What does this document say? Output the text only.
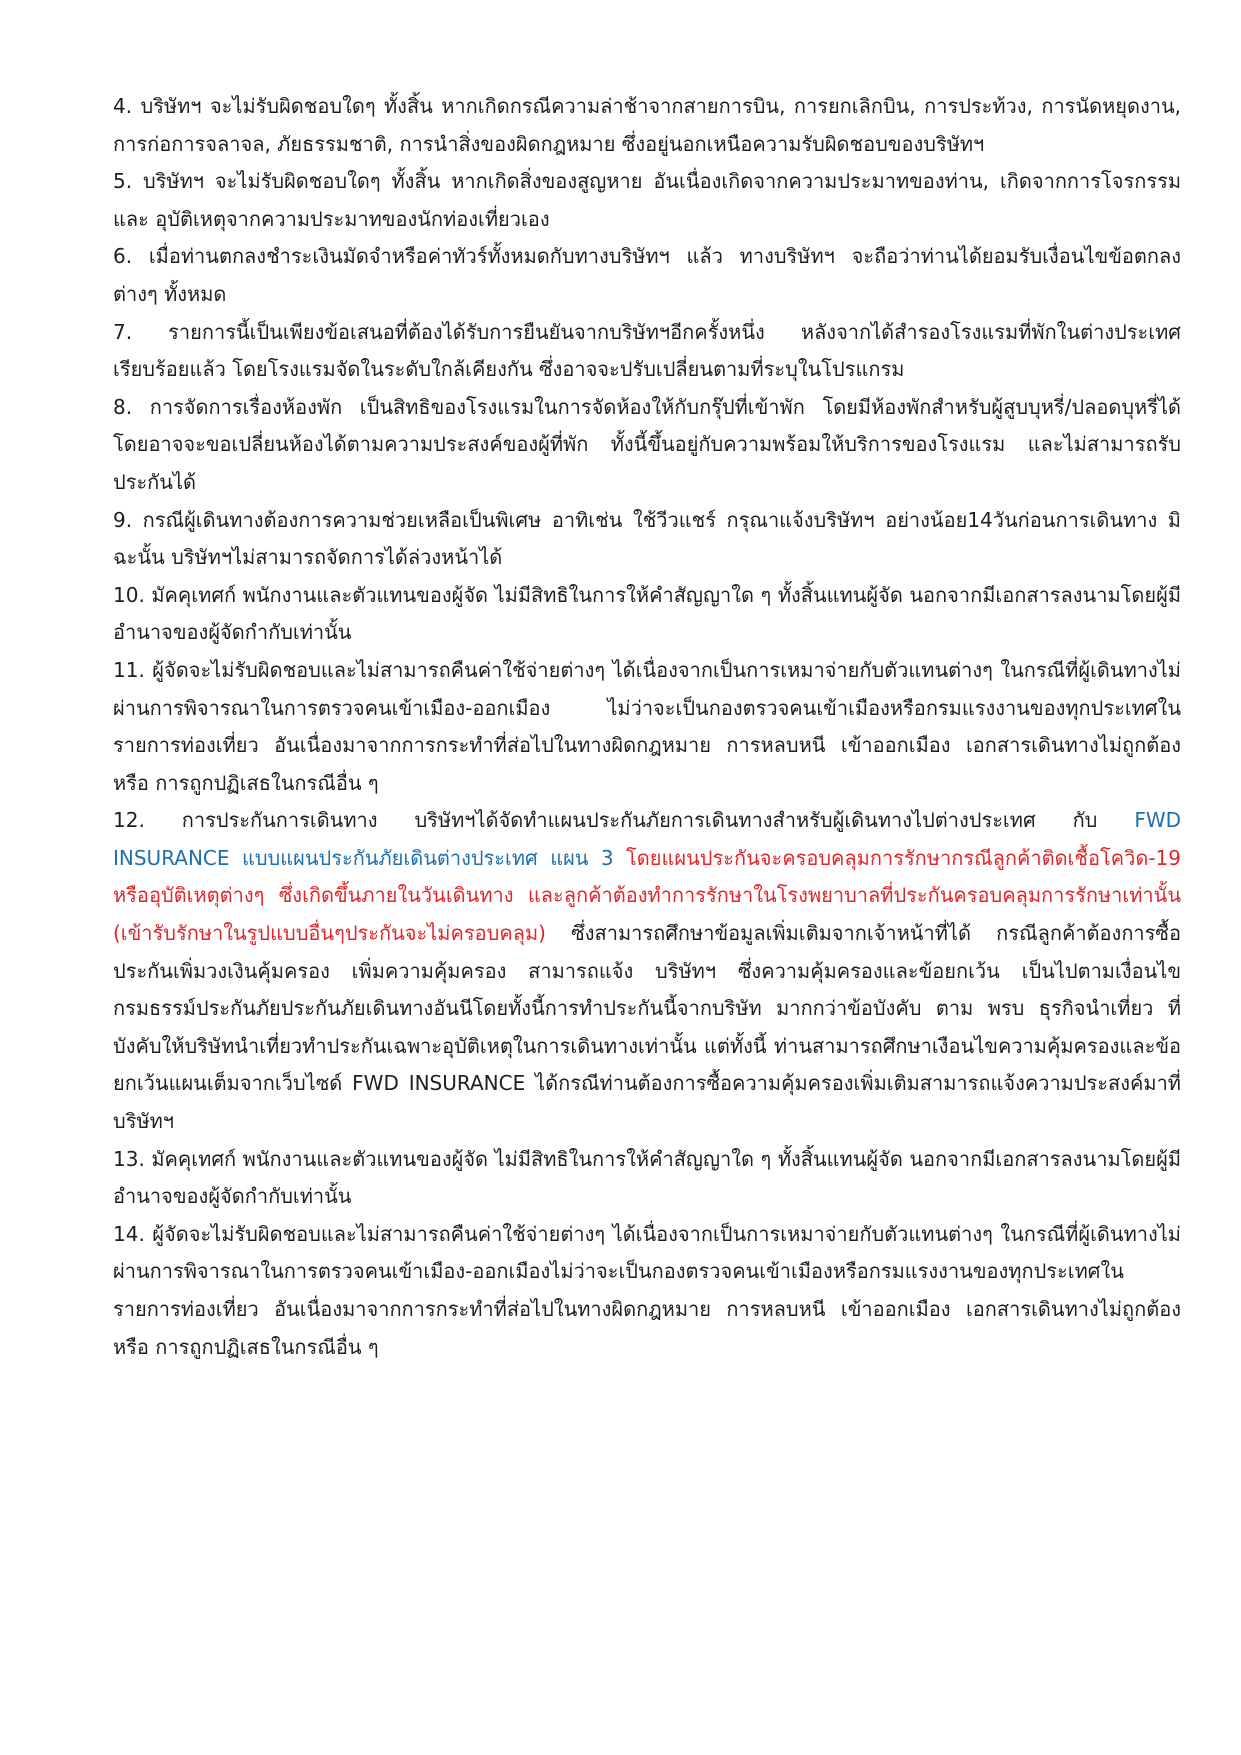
4. บริษัทฯ จะไม่รับผิดชอบใดๆ ทั้งสิ้น หากเกิดกรณีความล่าช้าจากสายการบิน, การยกเลิกบิน, การประท้วง, การนัดหยุดงาน, การก่อการจลาจล, ภัยธรรมชาติ, การนำสิ่งของผิดกฎหมาย ซึ่งอยู่นอกเหนือความรับผิดชอบของบริษัทฯ

5. บริษัทฯ จะไม่รับผิดชอบใดๆ ทั้งสิ้น หากเกิดสิ่งของสูญหาย อันเนื่องเกิดจากความประมาทของท่าน, เกิดจากการโจรกรรม และ อุบัติเหตุจากความประมาทของนักท่องเที่ยวเอง

6. เมื่อท่านตกลงชำระเงินมัดจำหรือค่าทัวร์ทั้งหมดกับทางบริษัทฯ แล้ว ทางบริษัทฯ จะถือว่าท่านได้ยอมรับเงื่อนไขข้อตกลงต่างๆ ทั้งหมด

7. รายการนี้เป็นเพียงข้อเสนอที่ต้องได้รับการยืนยันจากบริษัทฯอีกครั้งหนึ่ง หลังจากได้สำรองโรงแรมที่พักในต่างประเทศเรียบร้อยแล้ว โดยโรงแรมจัดในระดับใกล้เคียงกัน ซึ่งอาจจะปรับเปลี่ยนตามที่ระบุในโปรแกรม

8. การจัดการเรื่องห้องพัก เป็นสิทธิของโรงแรมในการจัดห้องให้กับกรุ๊ปที่เข้าพัก โดยมีห้องพักสำหรับผู้สูบบุหรี่/ปลอดบุหรี่ได้ โดยอาจจะขอเปลี่ยนห้องได้ตามความประสงค์ของผู้ที่พัก ทั้งนี้ขึ้นอยู่กับความพร้อมให้บริการของโรงแรม และไม่สามารถรับประกันได้

9. กรณีผู้เดินทางต้องการความช่วยเหลือเป็นพิเศษ อาทิเช่น ใช้วีวแชร์ กรุณาแจ้งบริษัทฯ อย่างน้อย14วันก่อนการเดินทาง มิฉะนั้น บริษัทฯไม่สามารถจัดการได้ล่วงหน้าได้

10. มัคคุเทศก์ พนักงานและตัวแทนของผู้จัด ไม่มีสิทธิในการให้คำสัญญาใด ๆ ทั้งสิ้นแทนผู้จัด นอกจากมีเอกสารลงนามโดยผู้มีอำนาจของผู้จัดกำกับเท่านั้น

11. ผู้จัดจะไม่รับผิดชอบและไม่สามารถคืนค่าใช้จ่ายต่างๆ ได้เนื่องจากเป็นการเหมาจ่ายกับตัวแทนต่างๆ ในกรณีที่ผู้เดินทางไม่ผ่านการพิจารณาในการตรวจคนเข้าเมือง-ออกเมือง ไม่ว่าจะเป็นกองตรวจคนเข้าเมืองหรือกรมแรงงานของทุกประเทศในรายการท่องเที่ยว อันเนื่องมาจากการกระทำที่ส่อไปในทางผิดกฎหมาย การหลบหนี เข้าออกเมือง เอกสารเดินทางไม่ถูกต้อง หรือ การถูกปฏิเสธในกรณีอื่น ๆ

12. การประกันการเดินทาง บริษัทฯได้จัดทำแผนประกันภัยการเดินทางสำหรับผู้เดินทางไปต่างประเทศ กับ FWD INSURANCE แบบแผนประกันภัยเดินต่างประเทศ แผน 3 โดยแผนประกันจะครอบคลุมการรักษากรณีลูกค้าติดเชื้อโควิด-19 หรืออุบัติเหตุต่างๆ ซึ่งเกิดขึ้นภายในวันเดินทาง และลูกค้าต้องทำการรักษาในโรงพยาบาลที่ประกันครอบคลุมการรักษาเท่านั้น (เข้ารับรักษาในรูปแบบอื่นๆประกันจะไม่ครอบคลุม) ซึ่งสามารถศึกษาข้อมูลเพิ่มเติมจากเจ้าหน้าที่ได้ กรณีลูกค้าต้องการซื้อประกันเพิ่มวงเงินคุ้มครอง เพิ่มความคุ้มครอง สามารถแจ้ง บริษัทฯ ซึ่งความคุ้มครองและข้อยกเว้น เป็นไปตามเงื่อนไขกรมธรรม์ประกันภัยประกันภัยเดินทางอันนีโดยทั้งนี้การทำประกันนี้จากบริษัท มากกว่าข้อบังคับ ตาม พรบ ธุรกิจนำเที่ยว ที่บังคับให้บริษัทนำเที่ยวทำประกันเฉพาะอุบัติเหตุในการเดินทางเท่านั้น แต่ทั้งนี้ ท่านสามารถศึกษาเงือนไขความคุ้มครองและข้อยกเว้นแผนเต็มจากเว็บไซด์ FWD INSURANCE ได้กรณีท่านต้องการซื้อความคุ้มครองเพิ่มเติมสามารถแจ้งความประสงค์มาที่บริษัทฯ

13. มัคคุเทศก์ พนักงานและตัวแทนของผู้จัด ไม่มีสิทธิในการให้คำสัญญาใด ๆ ทั้งสิ้นแทนผู้จัด นอกจากมีเอกสารลงนามโดยผู้มีอำนาจของผู้จัดกำกับเท่านั้น

14. ผู้จัดจะไม่รับผิดชอบและไม่สามารถคืนค่าใช้จ่ายต่างๆ ได้เนื่องจากเป็นการเหมาจ่ายกับตัวแทนต่างๆ ในกรณีที่ผู้เดินทางไม่ผ่านการพิจารณาในการตรวจคนเข้าเมือง-ออกเมืองไม่ว่าจะเป็นกองตรวจคนเข้าเมืองหรือกรมแรงงานของทุกประเทศในรายการท่องเที่ยว อันเนื่องมาจากการกระทำที่ส่อไปในทางผิดกฎหมาย การหลบหนี เข้าออกเมือง เอกสารเดินทางไม่ถูกต้อง หรือ การถูกปฏิเสธในกรณีอื่น ๆ
